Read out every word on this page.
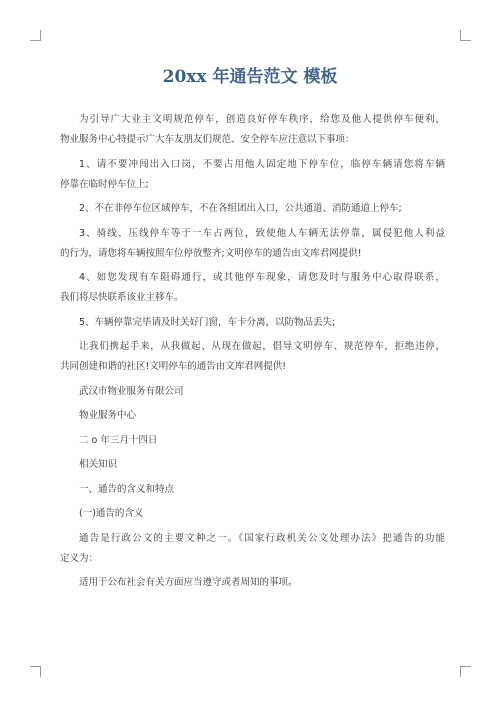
20xx 年通告范文 模板

为引导广大业主文明规范停车，创造良好停车秩序，给您及他人提供停车便利，

物业服务中心特提示广大车友朋友们规范、安全停车应注意以下事项：

1、请不要冲闯出入口岗，不要占用他人固定地下停车位，临停车辆请您将车辆

停靠在临时停车位上;

2、不在非停车位区域停车，不在各组团出入口，公共通道、消防通道上停车;

3、骑线、压线停车等于一车占两位，致使他人车辆无法停靠，属侵犯他人利益

的行为，请您将车辆按照车位停放整齐;文明停车的通告由文库君网提供!

4、如您发现有车阻碍通行，或其他停车现象，请您及时与服务中心取得联系，

我们将尽快联系该业主移车。

5、车辆停靠完毕请及时关好门窗，车卡分离，以防物品丢失;

让我们携起手来，从我做起、从现在做起，倡导文明停车、规范停车，拒绝违停，

共同创建和谐的社区!文明停车的通告由文库君网提供!

武汉市物业服务有限公司

物业服务中心

二 o 年三月十四日

相关知识

一、通告的含义和特点

(一)通告的含义

通告是行政公文的主要文种之一。《国家行政机关公文处理办法》把通告的功能

定义为：

适用于公布社会有关方面应当遵守或者周知的事项。
